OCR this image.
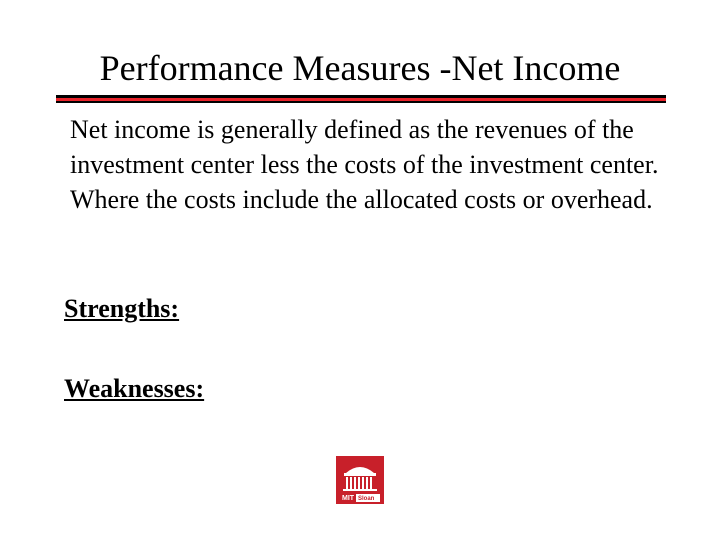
Performance Measures -Net Income

Net income is generally defined as the revenues of the investment center less the costs of the investment center. Where the costs include the allocated costs or overhead.

Strengths:

Weaknesses:

MIT Sloan
